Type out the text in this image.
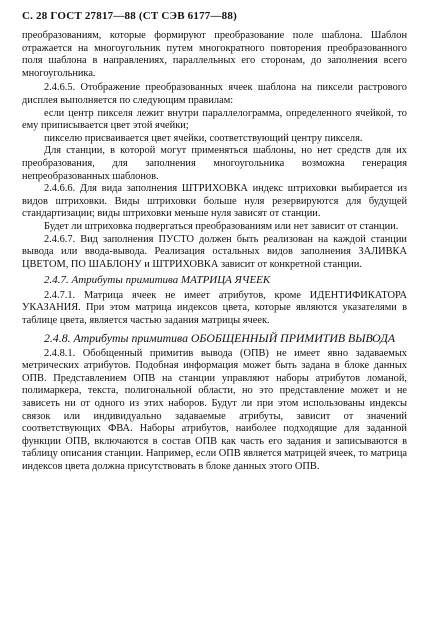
С. 28 ГОСТ 27817—88 (СТ СЭВ 6177—88)

преобразованиям, которые формируют преобразование поле шаблона. Шаблон отражается на многоугольник путем многократного повторения преобразованного поля шаблона в направлениях, параллельных его сторонам, до заполнения всего многоугольника.

2.4.6.5. Отображение преобразованных ячеек шаблона на пиксели растрового дисплея выполняется по следующим правилам:

если центр пикселя лежит внутри параллелограмма, определенного ячейкой, то ему приписывается цвет этой ячейки;

пикселю присваивается цвет ячейки, соответствующий центру пикселя.

Для станции, в которой могут применяться шаблоны, но нет средств для их преобразования, для заполнения многоугольника возможна генерация непреобразованных шаблонов.

2.4.6.6. Для вида заполнения ШТРИХОВКА индекс штриховки выбирается из видов штриховки. Виды штриховки больше нуля резервируются для будущей стандартизации; виды штриховки меньше нуля зависят от станции.

Будет ли штриховка подвергаться преобразованиям или нет зависит от станции.

2.4.6.7. Вид заполнения ПУСТО должен быть реализован на каждой станции вывода или ввода-вывода. Реализация остальных видов заполнения ЗАЛИВКА ЦВЕТОМ, ПО ШАБЛОНУ и ШТРИХОВКА зависит от конкретной станции.

2.4.7. Атрибуты примитива МАТРИЦА ЯЧЕЕК

2.4.7.1. Матрица ячеек не имеет атрибутов, кроме ИДЕНТИФИКАТОРА УКАЗАНИЯ. При этом матрица индексов цвета, которые являются указателями в таблице цвета, является частью задания матрицы ячеек.

2.4.8. Атрибуты примитива ОБОБЩЕННЫЙ ПРИМИТИВ ВЫВОДА

2.4.8.1. Обобщенный примитив вывода (ОПВ) не имеет явно задаваемых метрических атрибутов. Подобная информация может быть задана в блоке данных ОПВ. Представлением ОПВ на станции управляют наборы атрибутов ломаной, полимаркера, текста, полигональной области, но это представление может и не зависеть ни от одного из этих наборов. Будут ли при этом использованы индексы связок или индивидуально задаваемые атрибуты, зависит от значений соответствующих ФВА. Наборы атрибутов, наиболее подходящие для заданной функции ОПВ, включаются в состав ОПВ как часть его задания и записываются в таблицу описания станции. Например, если ОПВ является матрицей ячеек, то матрица индексов цвета должна присутствовать в блоке данных этого ОПВ.
